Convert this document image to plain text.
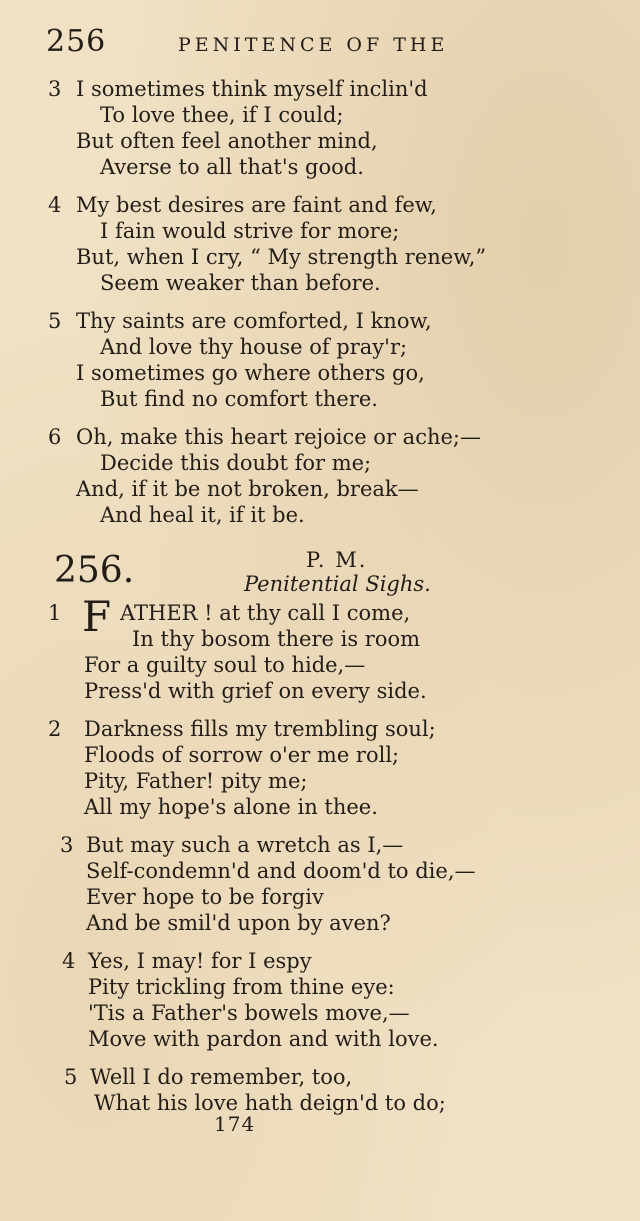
256	PENITENCE OF THE
3 I sometimes think myself inclin'd
To love thee, if I could;
But often feel another mind,
Averse to all that's good.
4 My best desires are faint and few,
I fain would strive for more;
But, when I cry, “ My strength renew,”
Seem weaker than before.
5 Thy saints are comforted, I know,
And love thy house of pray'r;
I sometimes go where others go,
But find no comfort there.
6 Oh, make this heart rejoice or ache;—
Decide this doubt for me;
And, if it be not broken, break—
And heal it, if it be.
256.	P. M.
Penitential Sighs.
1 F ATHER ! at thy call I come,
In thy bosom there is room
For a guilty soul to hide,—
Press'd with grief on every side.
2 Darkness fills my trembling soul;
Floods of sorrow o'er me roll;
Pity, Father! pity me;
All my hope's alone in thee.
3 But may such a wretch as I,—
Self-condemn'd and doom'd to die,—
Ever hope to be forgiv
And be smil'd upon by aven?
4 Yes, I may! for I espy
Pity trickling from thine eye:
'Tis a Father's bowels move,—
Move with pardon and with love.
5 Well I do remember, too,
What his love hath deign'd to do;
174
